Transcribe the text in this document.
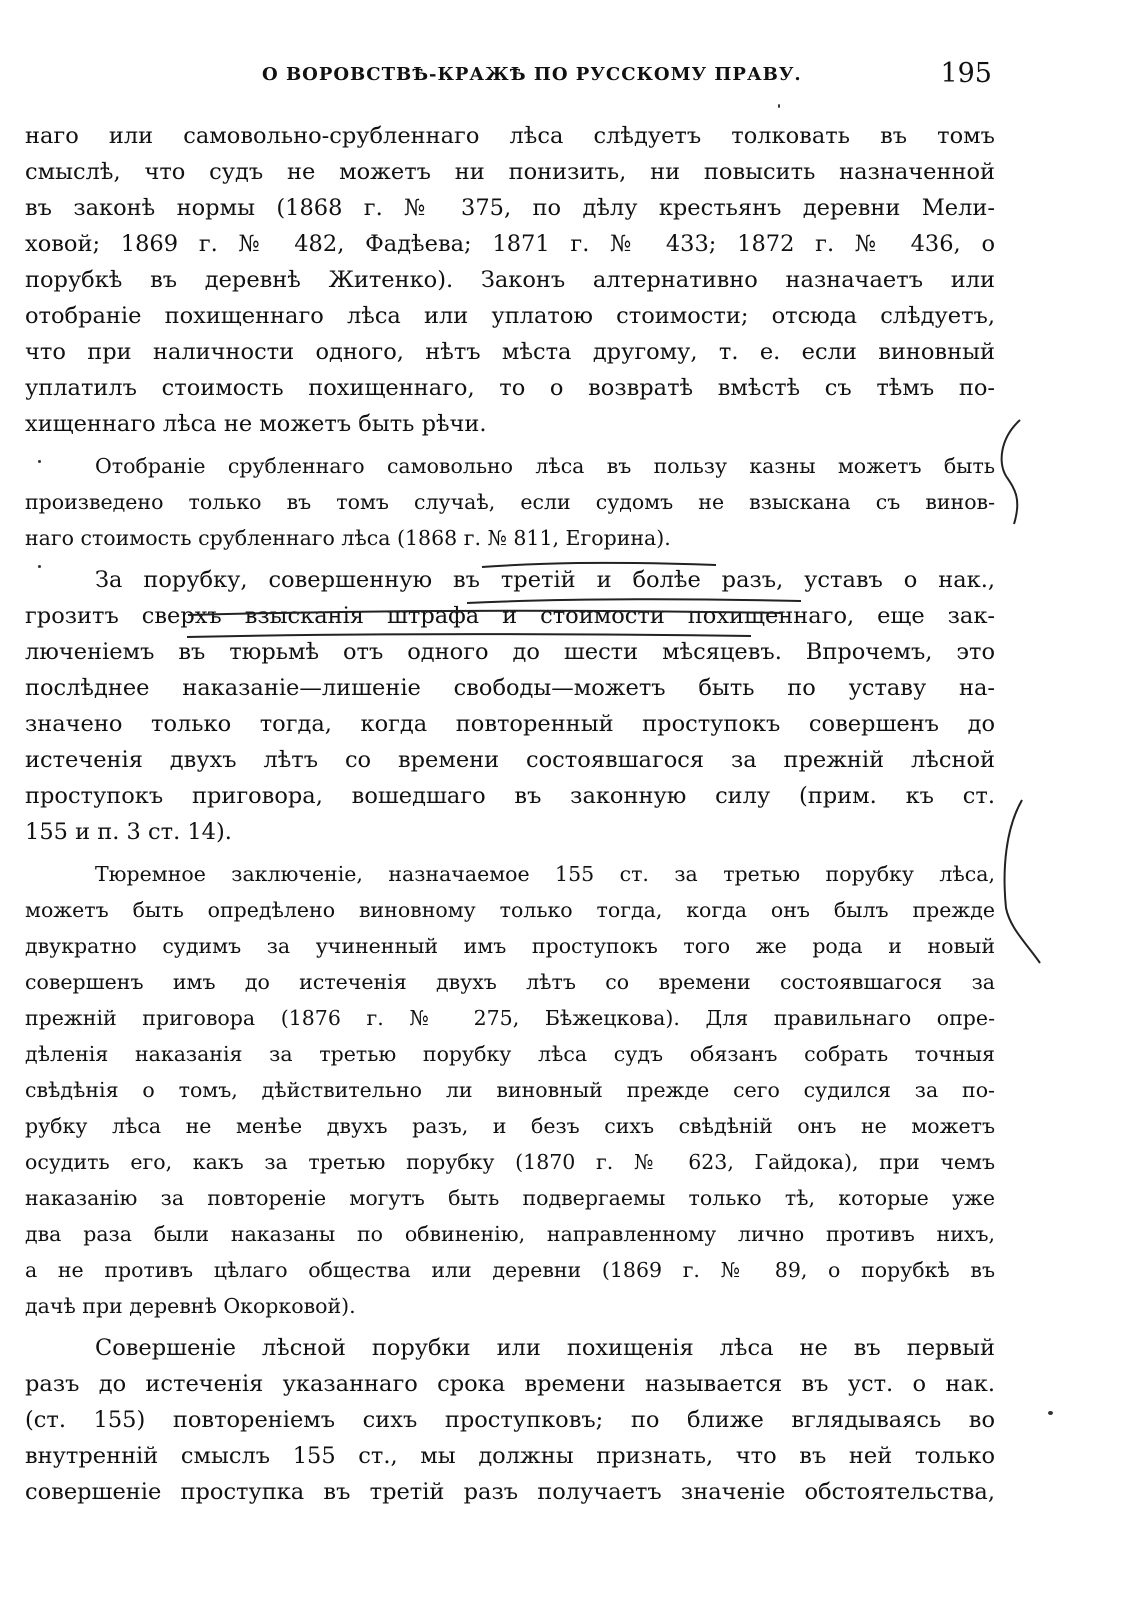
О ВОРОВСТВѢ-КРАЖѢ ПО РУССКОМУ ПРАВУ.	195
наго или самовольно-срубленнаго лѣса слѣдуетъ толковать въ томъ
смыслѣ, что судъ не можетъ ни понизить, ни повысить назначенной
въ законѣ нормы (1868 г. № 375, по дѣлу крестьянъ деревни Мели-
ховой; 1869 г. № 482, Фадѣева; 1871 г. № 433; 1872 г. № 436, о
порубкѣ въ деревнѣ Житенко). Законъ алтернативно назначаетъ или
отобраніе похищеннаго лѣса или уплатою стоимости; отсюда слѣдуетъ,
что при наличности одного, нѣтъ мѣста другому, т. е. если виновный
уплатилъ стоимость похищеннаго, то о возвратѣ вмѣстѣ съ тѣмъ по-
хищеннаго лѣса не можетъ быть рѣчи.
Отобраніе срубленнаго самовольно лѣса въ пользу казны можетъ быть
произведено только въ томъ случаѣ, если судомъ не взыскана съ винов-
наго стоимость срубленнаго лѣса (1868 г. № 811, Егорина).
За порубку, совершенную въ третій и болѣе разъ, уставъ о нак.,
грозитъ сверхъ взысканія штрафа и стоимости похищеннаго, еще зак-
люченіемъ въ тюрьмѣ отъ одного до шести мѣсяцевъ. Впрочемъ, это
послѣднее наказаніе—лишеніе свободы—можетъ быть по уставу на-
значено только тогда, когда повторенный проступокъ совершенъ до
истеченія двухъ лѣтъ со времени состоявшагося за прежній лѣсной
проступокъ приговора, вошедшаго въ законную силу (прим. къ ст.
155 и п. 3 ст. 14).
Тюремное заключеніе, назначаемое 155 ст. за третью порубку лѣса,
можетъ быть опредѣлено виновному только тогда, когда онъ былъ прежде
двукратно судимъ за учиненный имъ проступокъ того же рода и новый
совершенъ имъ до истеченія двухъ лѣтъ со времени состоявшагося за
прежній приговора (1876 г. № 275, Бѣжецкова). Для правильнаго опре-
дѣленія наказанія за третью порубку лѣса судъ обязанъ собрать точныя
свѣдѣнія о томъ, дѣйствительно ли виновный прежде сего судился за по-
рубку лѣса не менѣе двухъ разъ, и безъ сихъ свѣдѣній онъ не можетъ
осудить его, какъ за третью порубку (1870 г. № 623, Гайдока), при чемъ
наказанію за повтореніе могутъ быть подвергаемы только тѣ, которые уже
два раза были наказаны по обвиненію, направленному лично противъ нихъ,
а не противъ цѣлаго общества или деревни (1869 г. № 89, о порубкѣ въ
дачѣ при деревнѣ Окорковой).
Совершеніе лѣсной порубки или похищенія лѣса не въ первый
разъ до истеченія указаннаго срока времени называется въ уст. о нак.
(ст. 155) повтореніемъ сихъ проступковъ; по ближе вглядываясь во
внутренній смыслъ 155 ст., мы должны признать, что въ ней только
совершеніе проступка въ третій разъ получаетъ значеніе обстоятельства,
